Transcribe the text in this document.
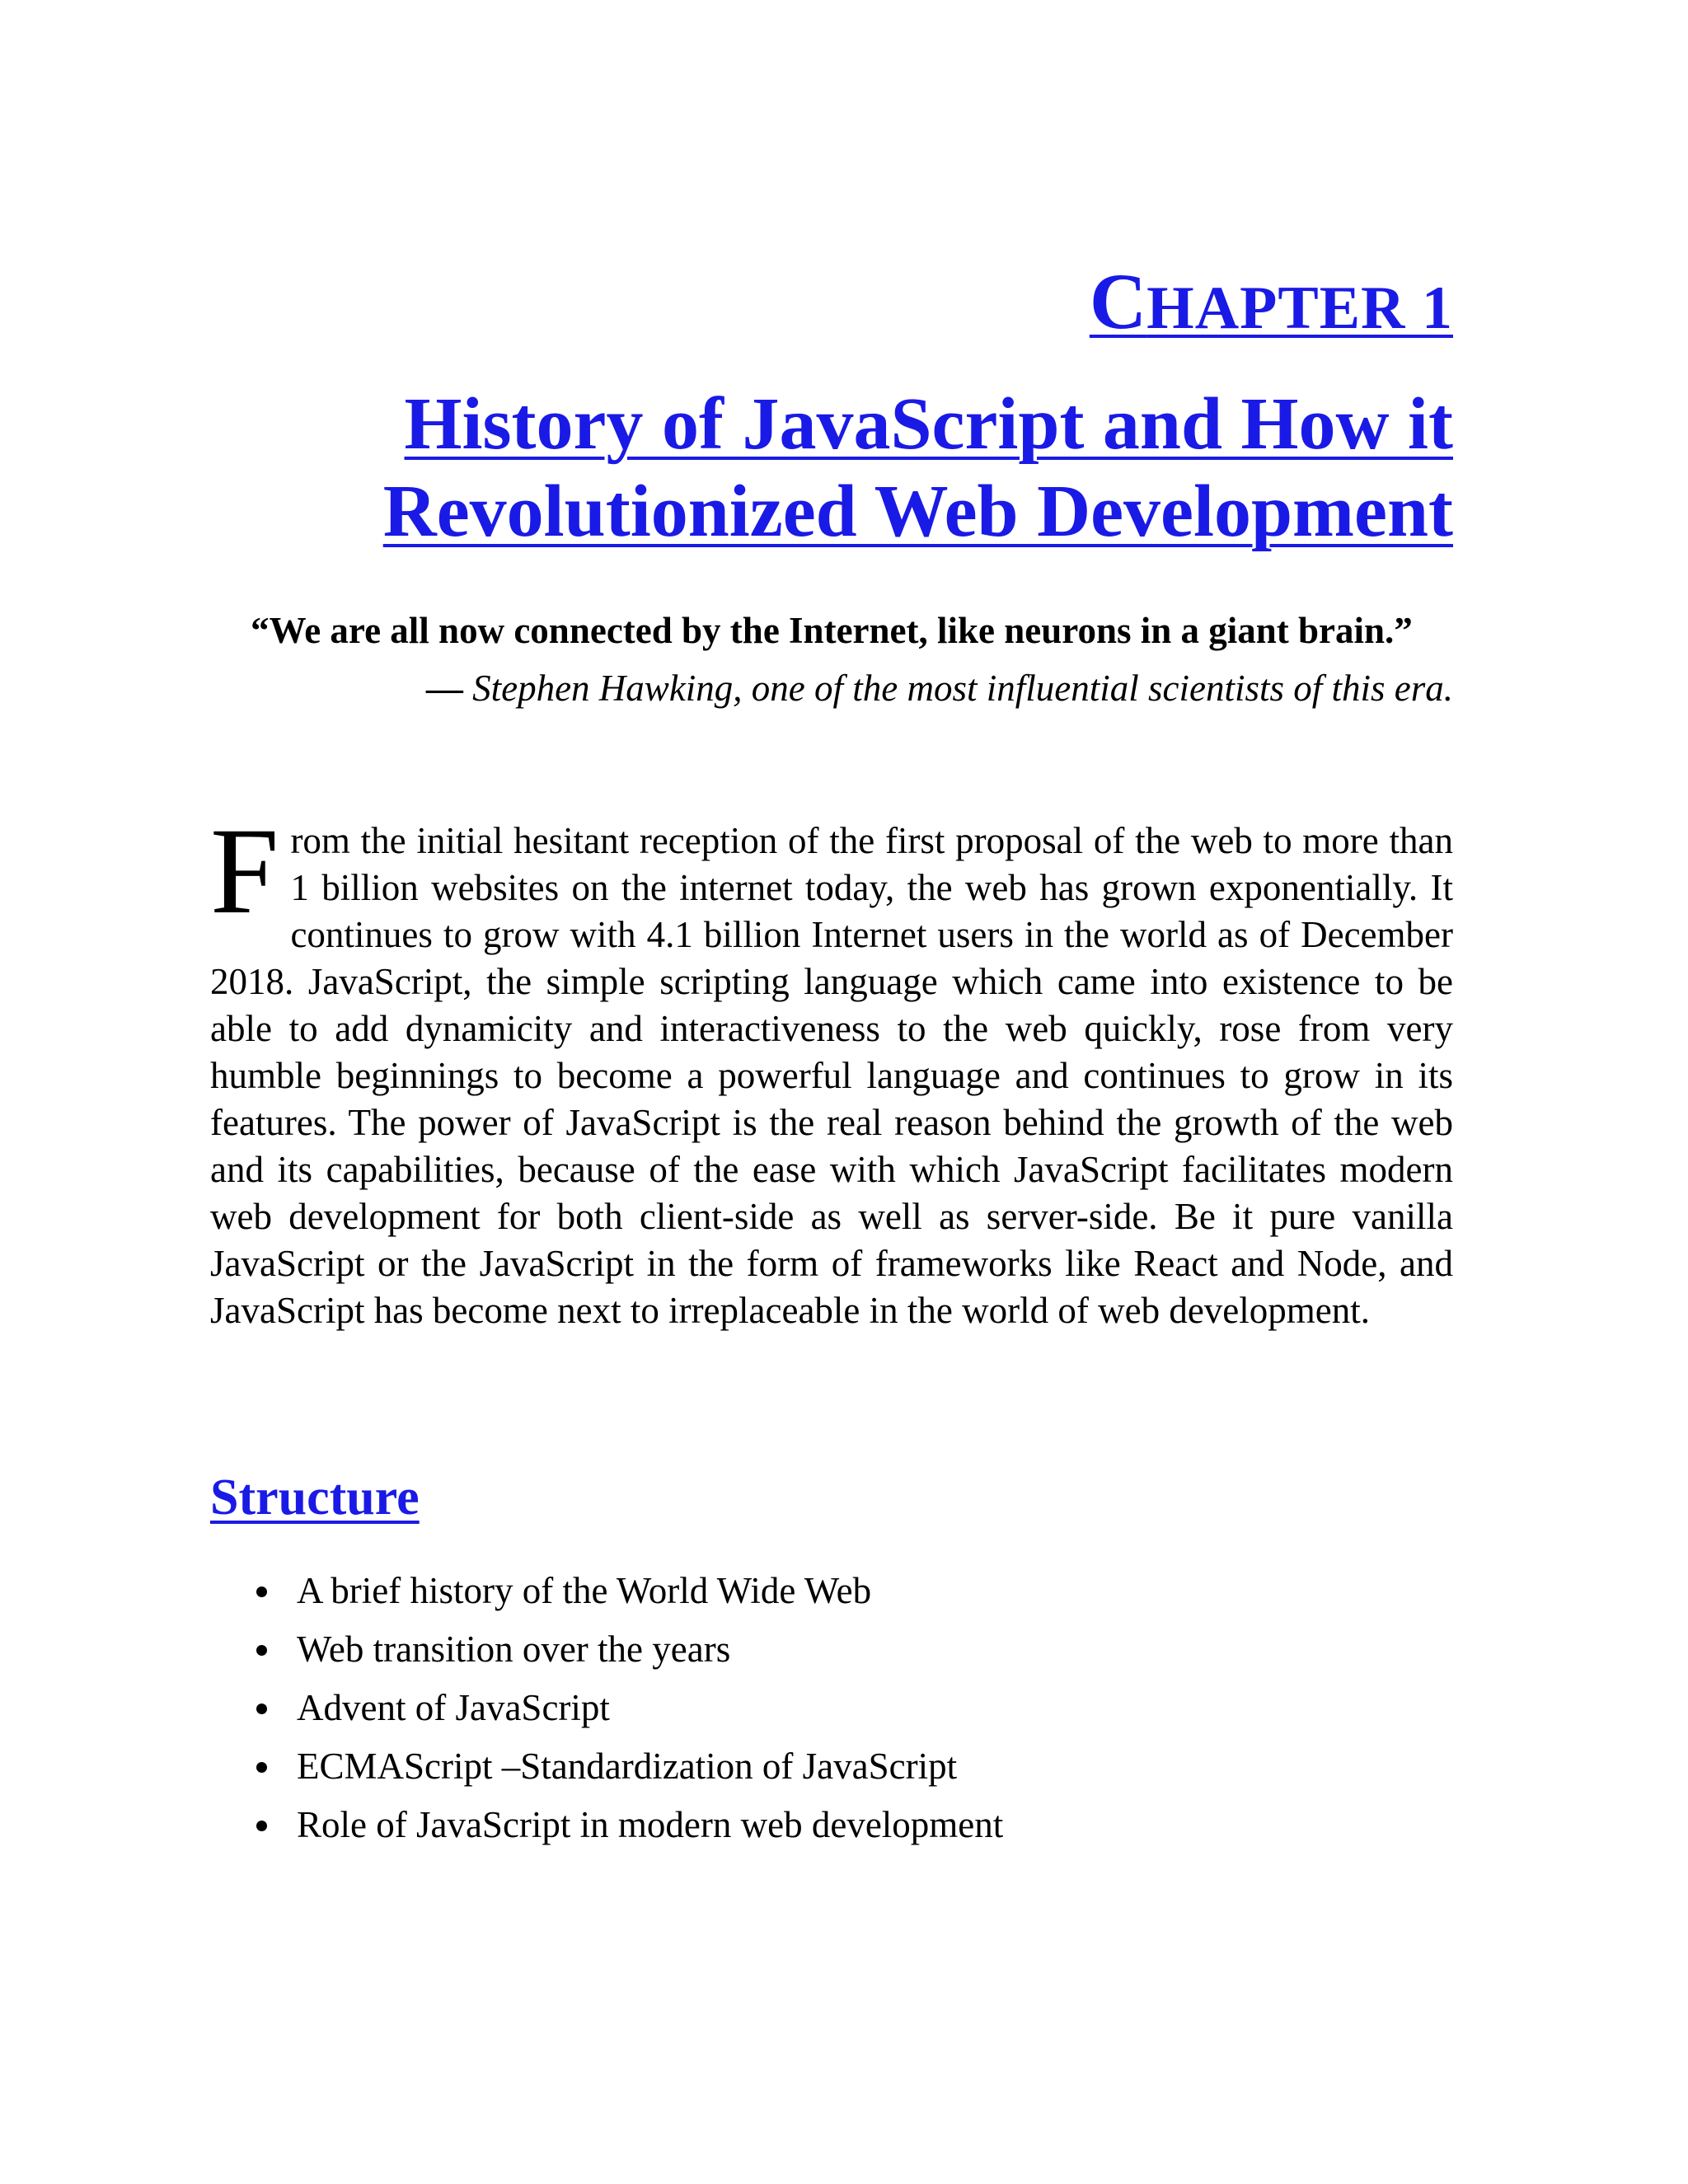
CHAPTER 1
History of JavaScript and How it
Revolutionized Web Development

“We are all now connected by the Internet, like neurons in a giant brain.”

— Stephen Hawking, one of the most influential scientists of this era.

From the initial hesitant reception of the first proposal of the web to more than 1 billion websites on the internet today, the web has grown exponentially. It continues to grow with 4.1 billion Internet users in the world as of December 2018. JavaScript, the simple scripting language which came into existence to be able to add dynamicity and interactiveness to the web quickly, rose from very humble beginnings to become a powerful language and continues to grow in its features. The power of JavaScript is the real reason behind the growth of the web and its capabilities, because of the ease with which JavaScript facilitates modern web development for both client-side as well as server-side. Be it pure vanilla JavaScript or the JavaScript in the form of frameworks like React and Node, and JavaScript has become next to irreplaceable in the world of web development.

Structure
A brief history of the World Wide Web
Web transition over the years
Advent of JavaScript
ECMAScript –Standardization of JavaScript
Role of JavaScript in modern web development
